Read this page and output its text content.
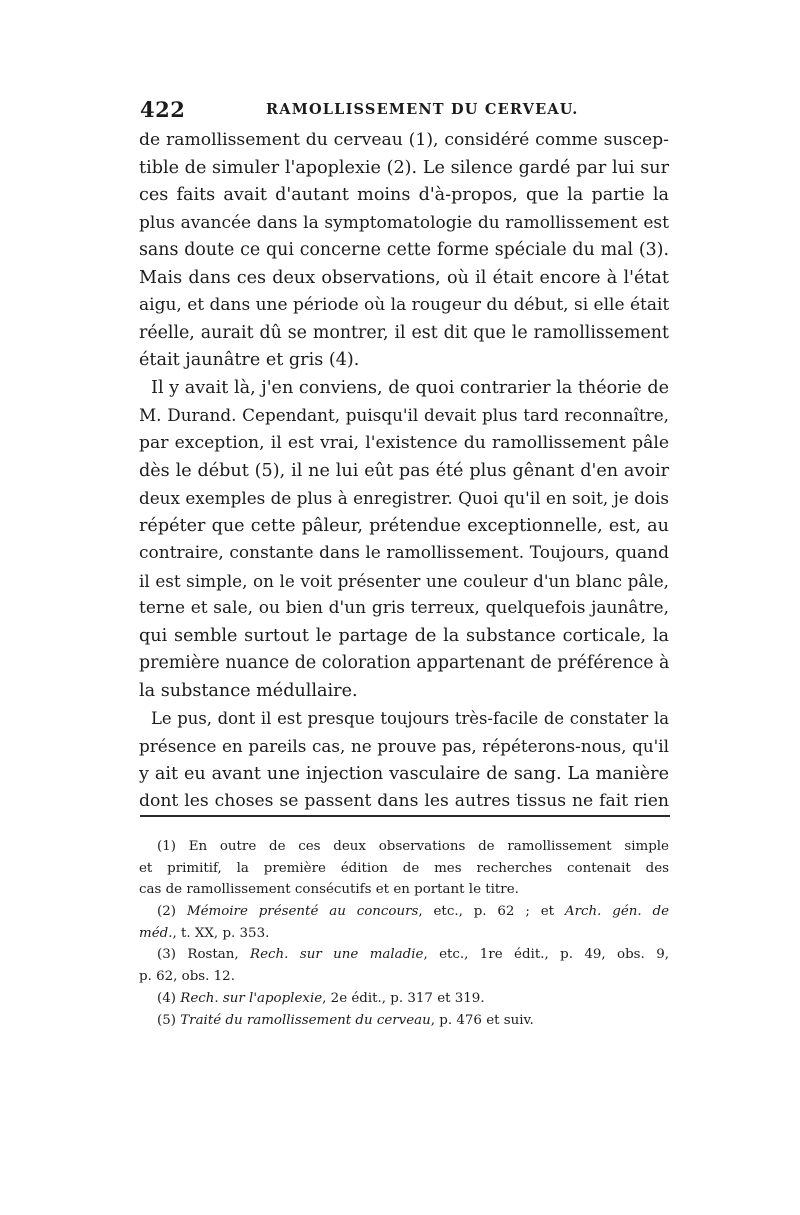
422	RAMOLLISSEMENT DU CERVEAU.
de ramollissement du cerveau (1), considéré comme suscep-
tible de simuler l'apoplexie (2). Le silence gardé par lui sur
ces faits avait d'autant moins d'à-propos, que la partie la
plus avancée dans la symptomatologie du ramollissement est
sans doute ce qui concerne cette forme spéciale du mal (3).
Mais dans ces deux observations, où il était encore à l'état
aigu, et dans une période où la rougeur du début, si elle était
réelle, aurait dû se montrer, il est dit que le ramollissement
était jaunâtre et gris (4).
Il y avait là, j'en conviens, de quoi contrarier la théorie de
M. Durand. Cependant, puisqu'il devait plus tard reconnaître,
par exception, il est vrai, l'existence du ramollissement pâle
dès le début (5), il ne lui eût pas été plus gênant d'en avoir
deux exemples de plus à enregistrer. Quoi qu'il en soit, je dois
répéter que cette pâleur, prétendue exceptionnelle, est, au
contraire, constante dans le ramollissement. Toujours, quand
il est simple, on le voit présenter une couleur d'un blanc pâle,
terne et sale, ou bien d'un gris terreux, quelquefois jaunâtre,
qui semble surtout le partage de la substance corticale, la
première nuance de coloration appartenant de préférence à
la substance médullaire.
Le pus, dont il est presque toujours très-facile de constater la
présence en pareils cas, ne prouve pas, répéterons-nous, qu'il
y ait eu avant une injection vasculaire de sang. La manière
dont les choses se passent dans les autres tissus ne fait rien
(1) En outre de ces deux observations de ramollissement simple
et primitif, la première édition de mes recherches contenait des
cas de ramollissement consécutifs et en portant le titre.
(2) Mémoire présenté au concours, etc., p. 62 ; et Arch. gén. de
méd., t. XX, p. 353.
(3) Rostan, Rech. sur une maladie, etc., 1re édit., p. 49, obs. 9,
p. 62, obs. 12.
(4) Rech. sur l'apoplexie, 2e édit., p. 317 et 319.
(5) Traité du ramollissement du cerveau, p. 476 et suiv.
